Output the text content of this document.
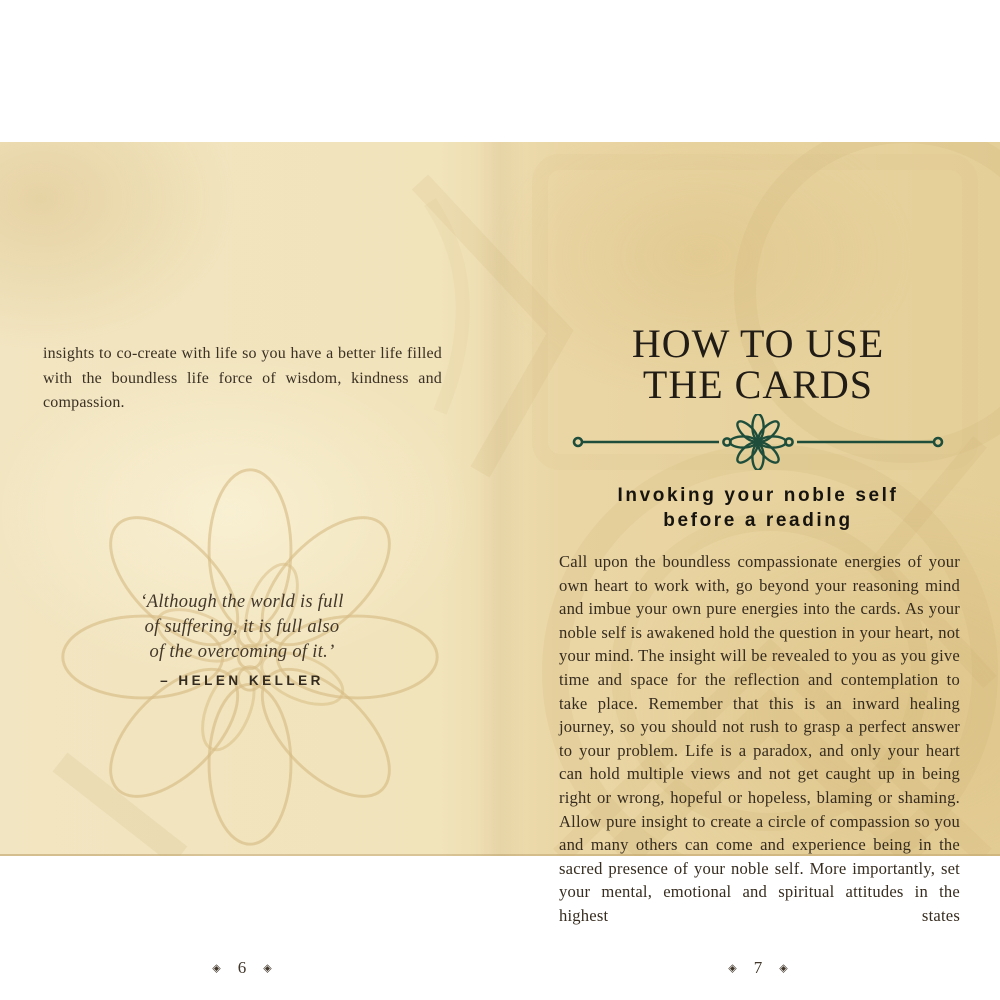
insights to co-create with life so you have a better life filled with the boundless life force of wisdom, kindness and compassion.
‘Although the world is full
of suffering, it is full also
of the overcoming of it.’
– HELEN KELLER
◈ 6 ◈
HOW TO USE
THE CARDS
Invoking your noble self
before a reading
Call upon the boundless compassionate energies of your own heart to work with, go beyond your reasoning mind and imbue your own pure energies into the cards. As your noble self is awakened hold the question in your heart, not your mind. The insight will be revealed to you as you give time and space for the reflection and contemplation to take place. Remember that this is an inward healing journey, so you should not rush to grasp a perfect answer to your problem. Life is a paradox, and only your heart can hold multiple views and not get caught up in being right or wrong, hopeful or hopeless, blaming or shaming. Allow pure insight to create a circle of compassion so you and many others can come and experience being in the sacred presence of your noble self. More importantly, set your mental, emotional and spiritual attitudes in the highest states
◈ 7 ◈
